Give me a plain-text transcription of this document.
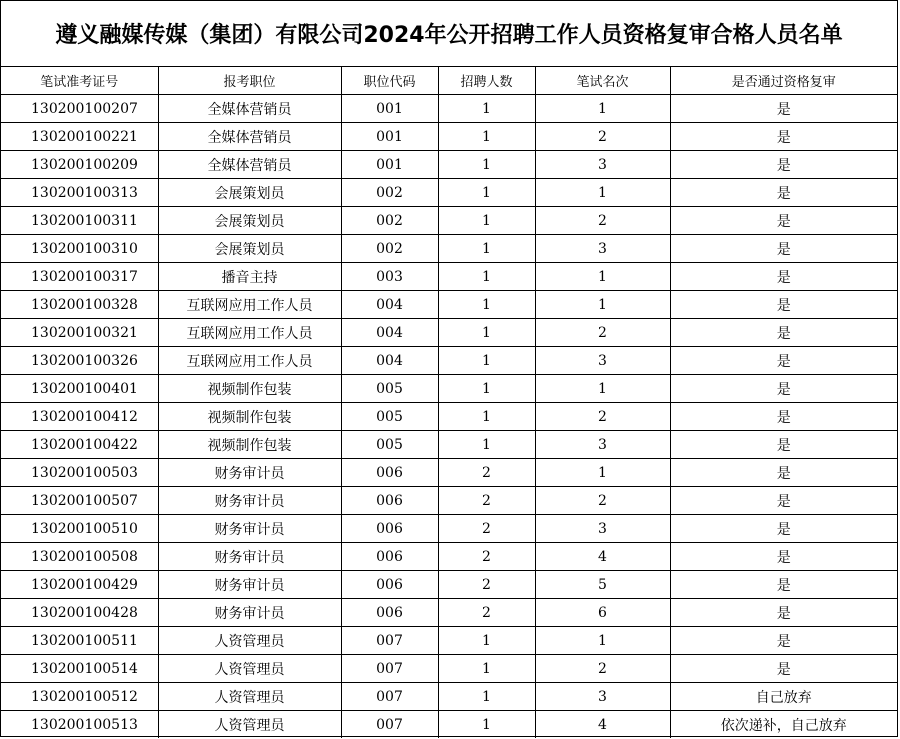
遵义融媒传媒（集团）有限公司2024年公开招聘工作人员资格复审合格人员名单
笔试准考证号	报考职位	职位代码	招聘人数	笔试名次	是否通过资格复审
130200100207	全媒体营销员	001	1	1	是
130200100221	全媒体营销员	001	1	2	是
130200100209	全媒体营销员	001	1	3	是
130200100313	会展策划员	002	1	1	是
130200100311	会展策划员	002	1	2	是
130200100310	会展策划员	002	1	3	是
130200100317	播音主持	003	1	1	是
130200100328	互联网应用工作人员	004	1	1	是
130200100321	互联网应用工作人员	004	1	2	是
130200100326	互联网应用工作人员	004	1	3	是
130200100401	视频制作包装	005	1	1	是
130200100412	视频制作包装	005	1	2	是
130200100422	视频制作包装	005	1	3	是
130200100503	财务审计员	006	2	1	是
130200100507	财务审计员	006	2	2	是
130200100510	财务审计员	006	2	3	是
130200100508	财务审计员	006	2	4	是
130200100429	财务审计员	006	2	5	是
130200100428	财务审计员	006	2	6	是
130200100511	人资管理员	007	1	1	是
130200100514	人资管理员	007	1	2	是
130200100512	人资管理员	007	1	3	自己放弃
130200100513	人资管理员	007	1	4	依次递补，自己放弃
